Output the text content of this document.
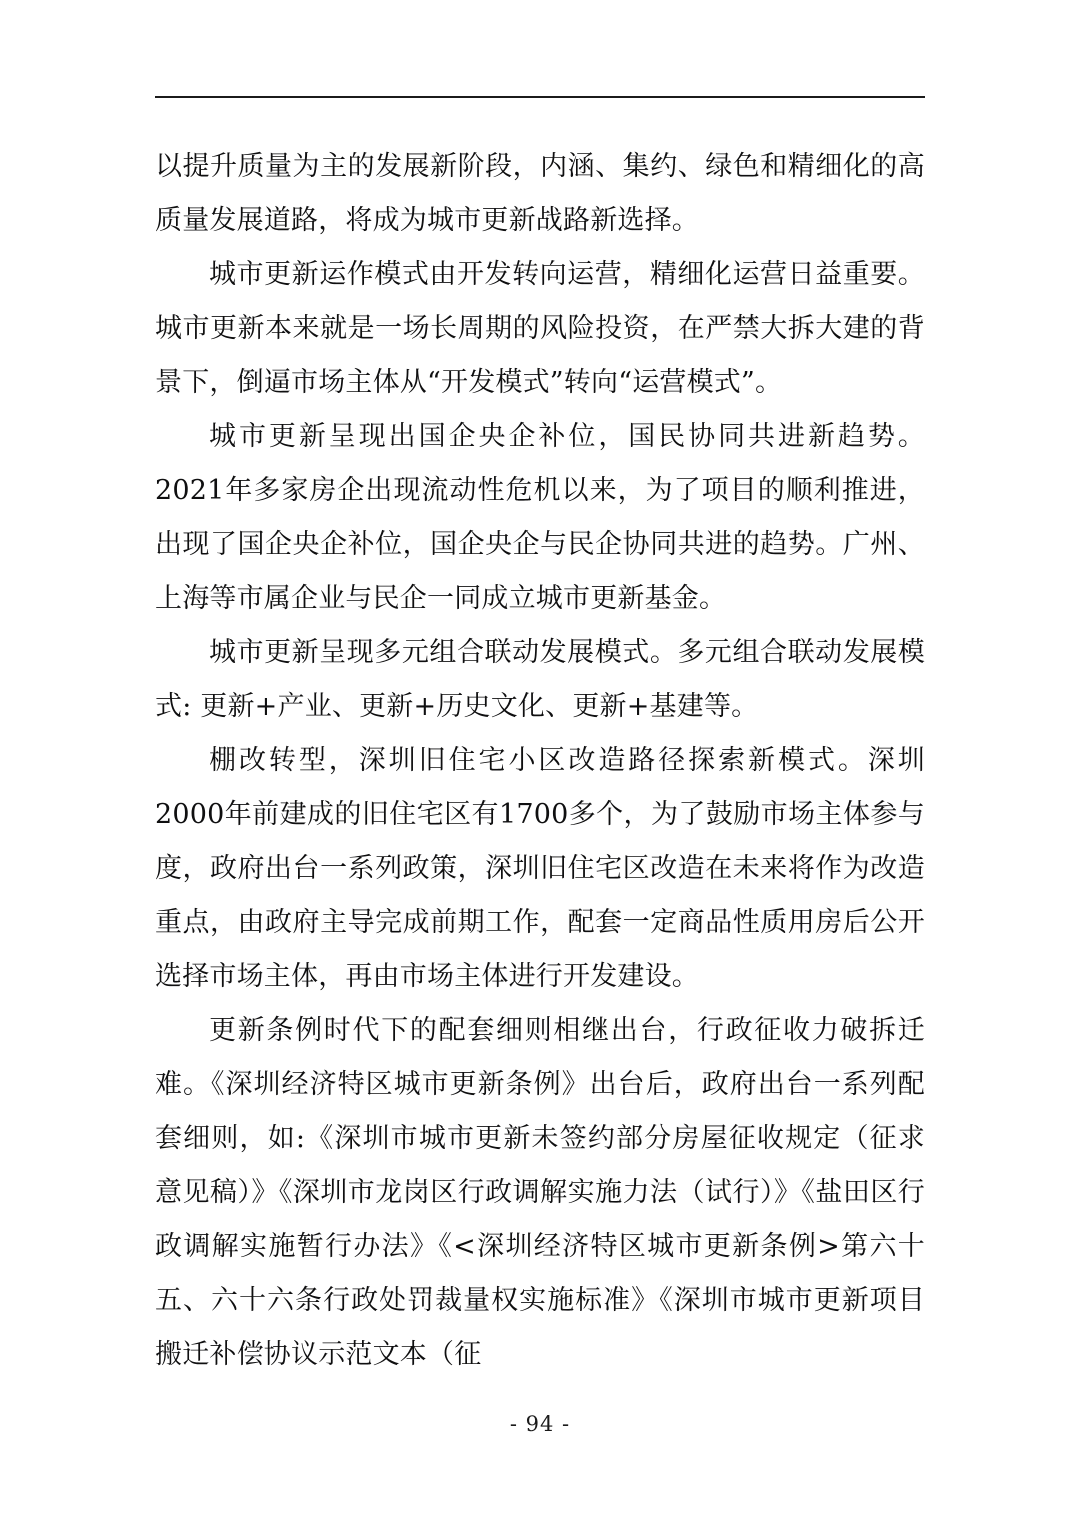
以提升质量为主的发展新阶段，内涵、集约、绿色和精细化的高质量发展道路，将成为城市更新战路新选择。

城市更新运作模式由开发转向运营，精细化运营日益重要。城市更新本来就是一场长周期的风险投资，在严禁大拆大建的背景下，倒逼市场主体从“开发模式”转向“运营模式”。

城市更新呈现出国企央企补位，国民协同共进新趋势。2021年多家房企出现流动性危机以来，为了项目的顺利推进，出现了国企央企补位，国企央企与民企协同共进的趋势。广州、上海等市属企业与民企一同成立城市更新基金。

城市更新呈现多元组合联动发展模式。多元组合联动发展模式: 更新+产业、更新+历史文化、更新+基建等。

棚改转型，深圳旧住宅小区改造路径探索新模式。深圳2000年前建成的旧住宅区有1700多个，为了鼓励市场主体参与度，政府出台一系列政策，深圳旧住宅区改造在未来将作为改造重点，由政府主导完成前期工作，配套一定商品性质用房后公开选择市场主体，再由市场主体进行开发建设。

更新条例时代下的配套细则相继出台，行政征收力破拆迁难。《深圳经济特区城市更新条例》出台后，政府出台一系列配套细则，如:《深圳市城市更新未签约部分房屋征收规定（征求意见稿）》《深圳市龙岗区行政调解实施力法（试行）》《盐田区行政调解实施暂行办法》《<深圳经济特区城市更新条例>第六十五、六十六条行政处罚裁量权实施标准》《深圳市城市更新项目搬迁补偿协议示范文本（征

- 94 -
